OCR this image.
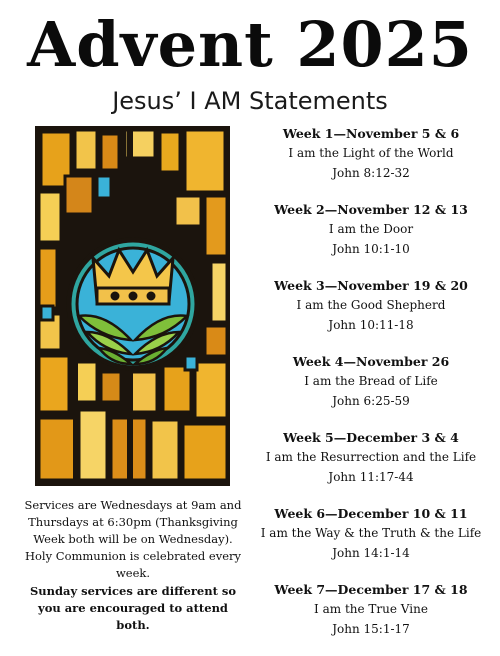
Advent 2025
Jesus’ I AM Statements
Services are Wednesdays at 9am and Thursdays at 6:30pm (Thanksgiving Week both will be on Wednesday). Holy Communion is celebrated every week.
Sunday services are different so you are encouraged to attend both.
Week 1—November 5 & 6
I am the Light of the World
John 8:12-32
Week 2—November 12 & 13
I am the Door
John 10:1-10
Week 3—November 19 & 20
I am the Good Shepherd
John 10:11-18
Week 4—November 26
I am the Bread of Life
John 6:25-59
Week 5—December 3 & 4
I am the Resurrection and the Life
John 11:17-44
Week 6—December 10 & 11
I am the Way & the Truth & the Life
John 14:1-14
Week 7—December 17 & 18
I am the True Vine
John 15:1-17
